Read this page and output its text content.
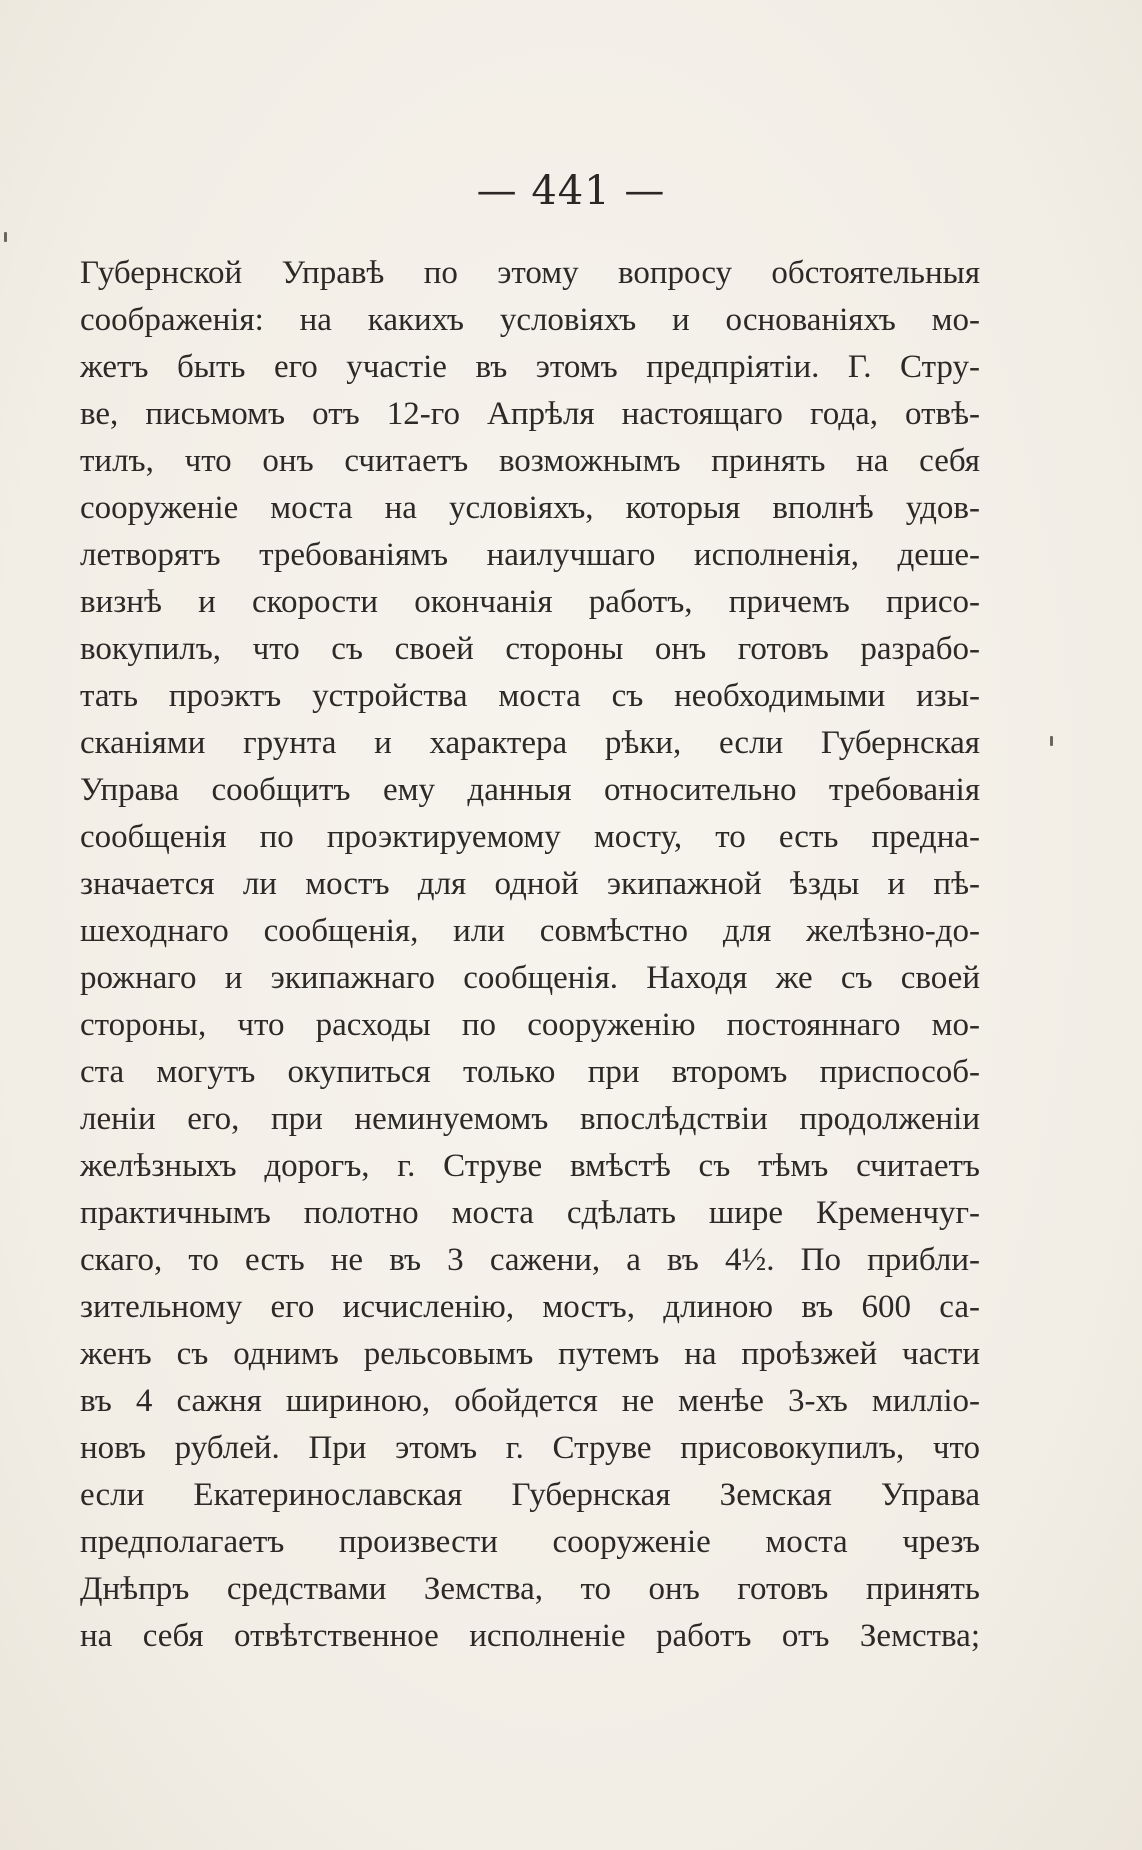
— 441 —
Губернской Управѣ по этому вопросу обстоятельныя
соображенія: на какихъ условіяхъ и основаніяхъ мо-
жетъ быть его участіе въ этомъ предпріятіи. Г. Стру-
ве, письмомъ отъ 12-го Апрѣля настоящаго года, отвѣ-
тилъ, что онъ считаетъ возможнымъ принять на себя
сооруженіе моста на условіяхъ, которыя вполнѣ удов-
летворятъ требованіямъ наилучшаго исполненія, деше-
визнѣ и скорости окончанія работъ, причемъ присо-
вокупилъ, что съ своей стороны онъ готовъ разрабо-
тать проэктъ устройства моста съ необходимыми изы-
сканіями грунта и характера рѣки, если Губернская
Управа сообщитъ ему данныя относительно требованія
сообщенія по проэктируемому мосту, то есть предна-
значается ли мостъ для одной экипажной ѣзды и пѣ-
шеходнаго сообщенія, или совмѣстно для желѣзно-до-
рожнаго и экипажнаго сообщенія. Находя же съ своей
стороны, что расходы по сооруженію постояннаго мо-
ста могутъ окупиться только при второмъ приспособ-
леніи его, при неминуемомъ впослѣдствіи продолженіи
желѣзныхъ дорогъ, г. Струве вмѣстѣ съ тѣмъ считаетъ
практичнымъ полотно моста сдѣлать шире Кременчуг-
скаго, то есть не въ 3 сажени, а въ 4½. По прибли-
зительному его исчисленію, мостъ, длиною въ 600 са-
женъ съ однимъ рельсовымъ путемъ на проѣзжей части
въ 4 сажня шириною, обойдется не менѣе 3-хъ милліо-
новъ рублей. При этомъ г. Струве присовокупилъ, что
если Екатеринославская Губернская Земская Управа
предполагаетъ произвести сооруженіе моста чрезъ
Днѣпръ средствами Земства, то онъ готовъ принять
на себя отвѣтственное исполненіе работъ отъ Земства;
